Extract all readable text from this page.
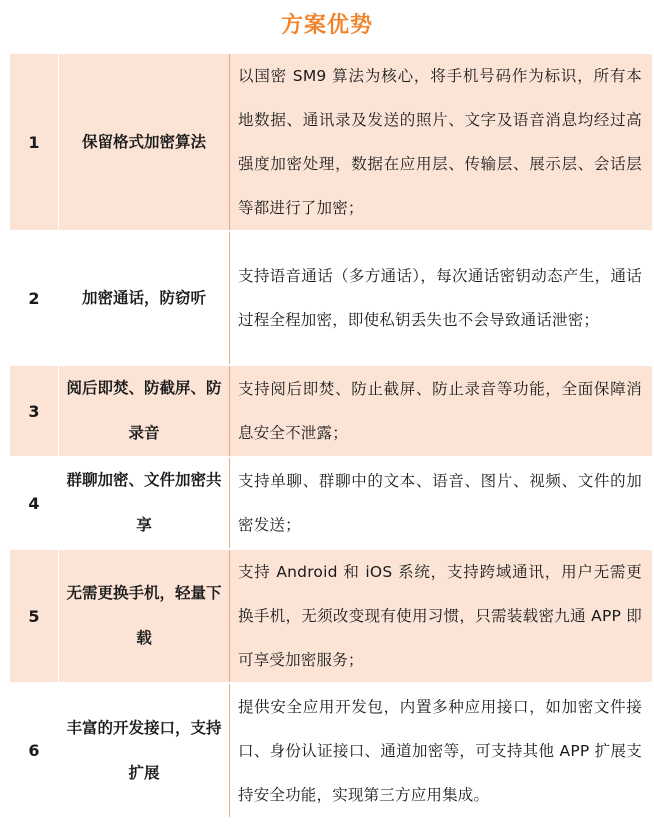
方案优势
1	保留格式加密算法	以国密 SM9 算法为核心，将手机号码作为标识，所有本地数据、通讯录及发送的照片、文字及语音消息均经过高强度加密处理，数据在应用层、传输层、展示层、会话层等都进行了加密；
2	加密通话，防窃听	支持语音通话（多方通话），每次通话密钥动态产生，通话过程全程加密，即使私钥丢失也不会导致通话泄密；
3	阅后即焚、防截屏、防录音	支持阅后即焚、防止截屏、防止录音等功能，全面保障消息安全不泄露；
4	群聊加密、文件加密共享	支持单聊、群聊中的文本、语音、图片、视频、文件的加密发送；
5	无需更换手机，轻量下载	支持 Android 和 iOS 系统，支持跨域通讯，用户无需更换手机，无须改变现有使用习惯，只需装载密九通 APP 即可享受加密服务；
6	丰富的开发接口，支持扩展	提供安全应用开发包，内置多种应用接口，如加密文件接口、身份认证接口、通道加密等，可支持其他 APP 扩展支持安全功能，实现第三方应用集成。
